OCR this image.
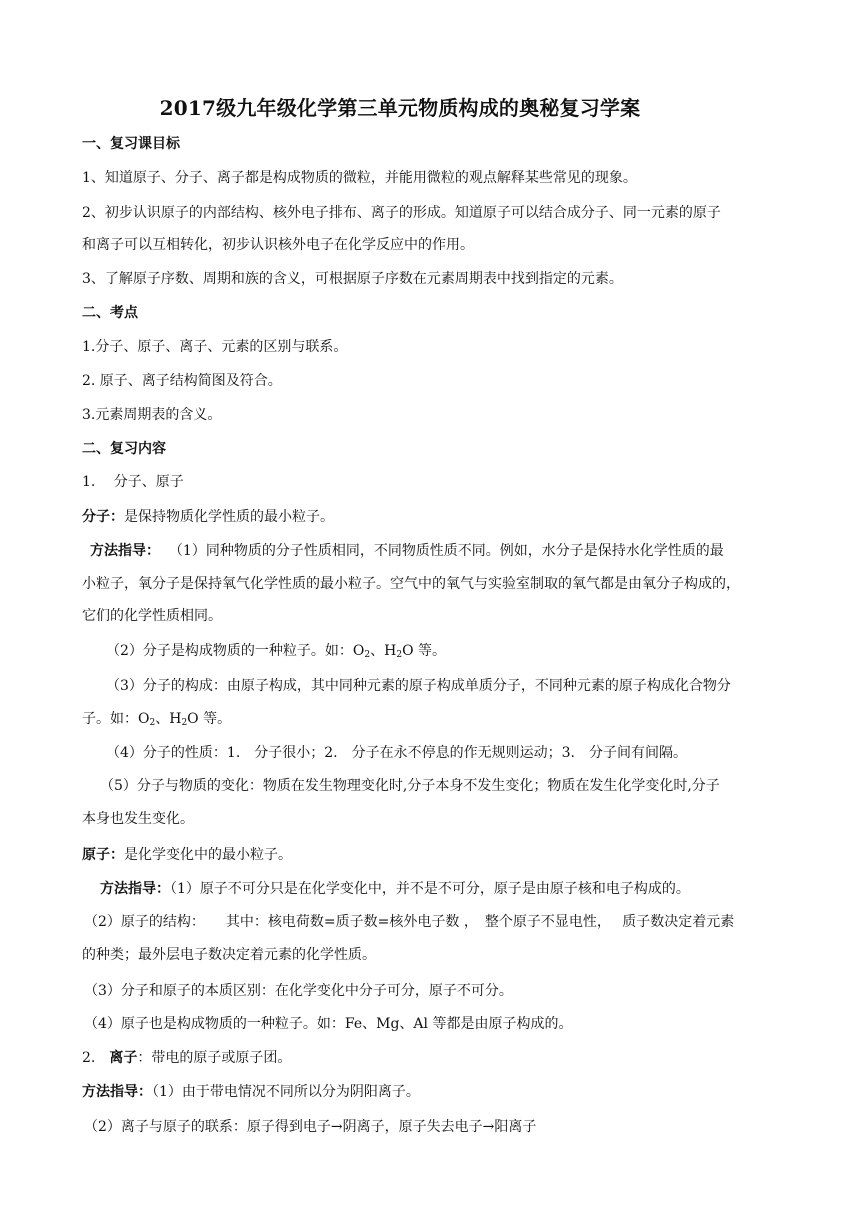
2017级九年级化学第三单元物质构成的奥秘复习学案
一、复习课目标
1、知道原子、分子、离子都是构成物质的微粒，并能用微粒的观点解释某些常见的现象。
2、初步认识原子的内部结构、核外电子排布、离子的形成。知道原子可以结合成分子、同一元素的原子
和离子可以互相转化，初步认识核外电子在化学反应中的作用。
3、了解原子序数、周期和族的含义，可根据原子序数在元素周期表中找到指定的元素。
二、考点
1.分子、原子、离子、元素的区别与联系。
2. 原子、离子结构简图及符合。
3.元素周期表的含义。
二、复习内容
1.　 分子、原子
分子：是保持物质化学性质的最小粒子。
方法指导： （1）同种物质的分子性质相同，不同物质性质不同。例如，水分子是保持水化学性质的最
小粒子，氧分子是保持氧气化学性质的最小粒子。空气中的氧气与实验室制取的氧气都是由氧分子构成的，
它们的化学性质相同。
（2）分子是构成物质的一种粒子。如：$O_2$、$H_2O$ 等。
（3）分子的构成：由原子构成，其中同种元素的原子构成单质分子，不同种元素的原子构成化合物分
子。如：$O_2$、$H_2O$ 等。
（4）分子的性质：1.　分子很小；2.　分子在永不停息的作无规则运动；3.　分子间有间隔。
（5）分子与物质的变化：物质在发生物理变化时,分子本身不发生变化；物质在发生化学变化时,分子
本身也发生变化。
原子：是化学变化中的最小粒子。
方法指导：（1）原子不可分只是在化学变化中，并不是不可分，原子是由原子核和电子构成的。
（2）原子的结构：　　其中：核电荷数=质子数=核外电子数 ，　整个原子不显电性，　 质子数决定着元素
的种类；最外层电子数决定着元素的化学性质。
（3）分子和原子的本质区别：在化学变化中分子可分，原子不可分。
（4）原子也是构成物质的一种粒子。如：Fe、Mg、Al 等都是由原子构成的。
2.　离子：带电的原子或原子团。
方法指导：（1）由于带电情况不同所以分为阴阳离子。
（2）离子与原子的联系：原子得到电子→阴离子，原子失去电子→阳离子
